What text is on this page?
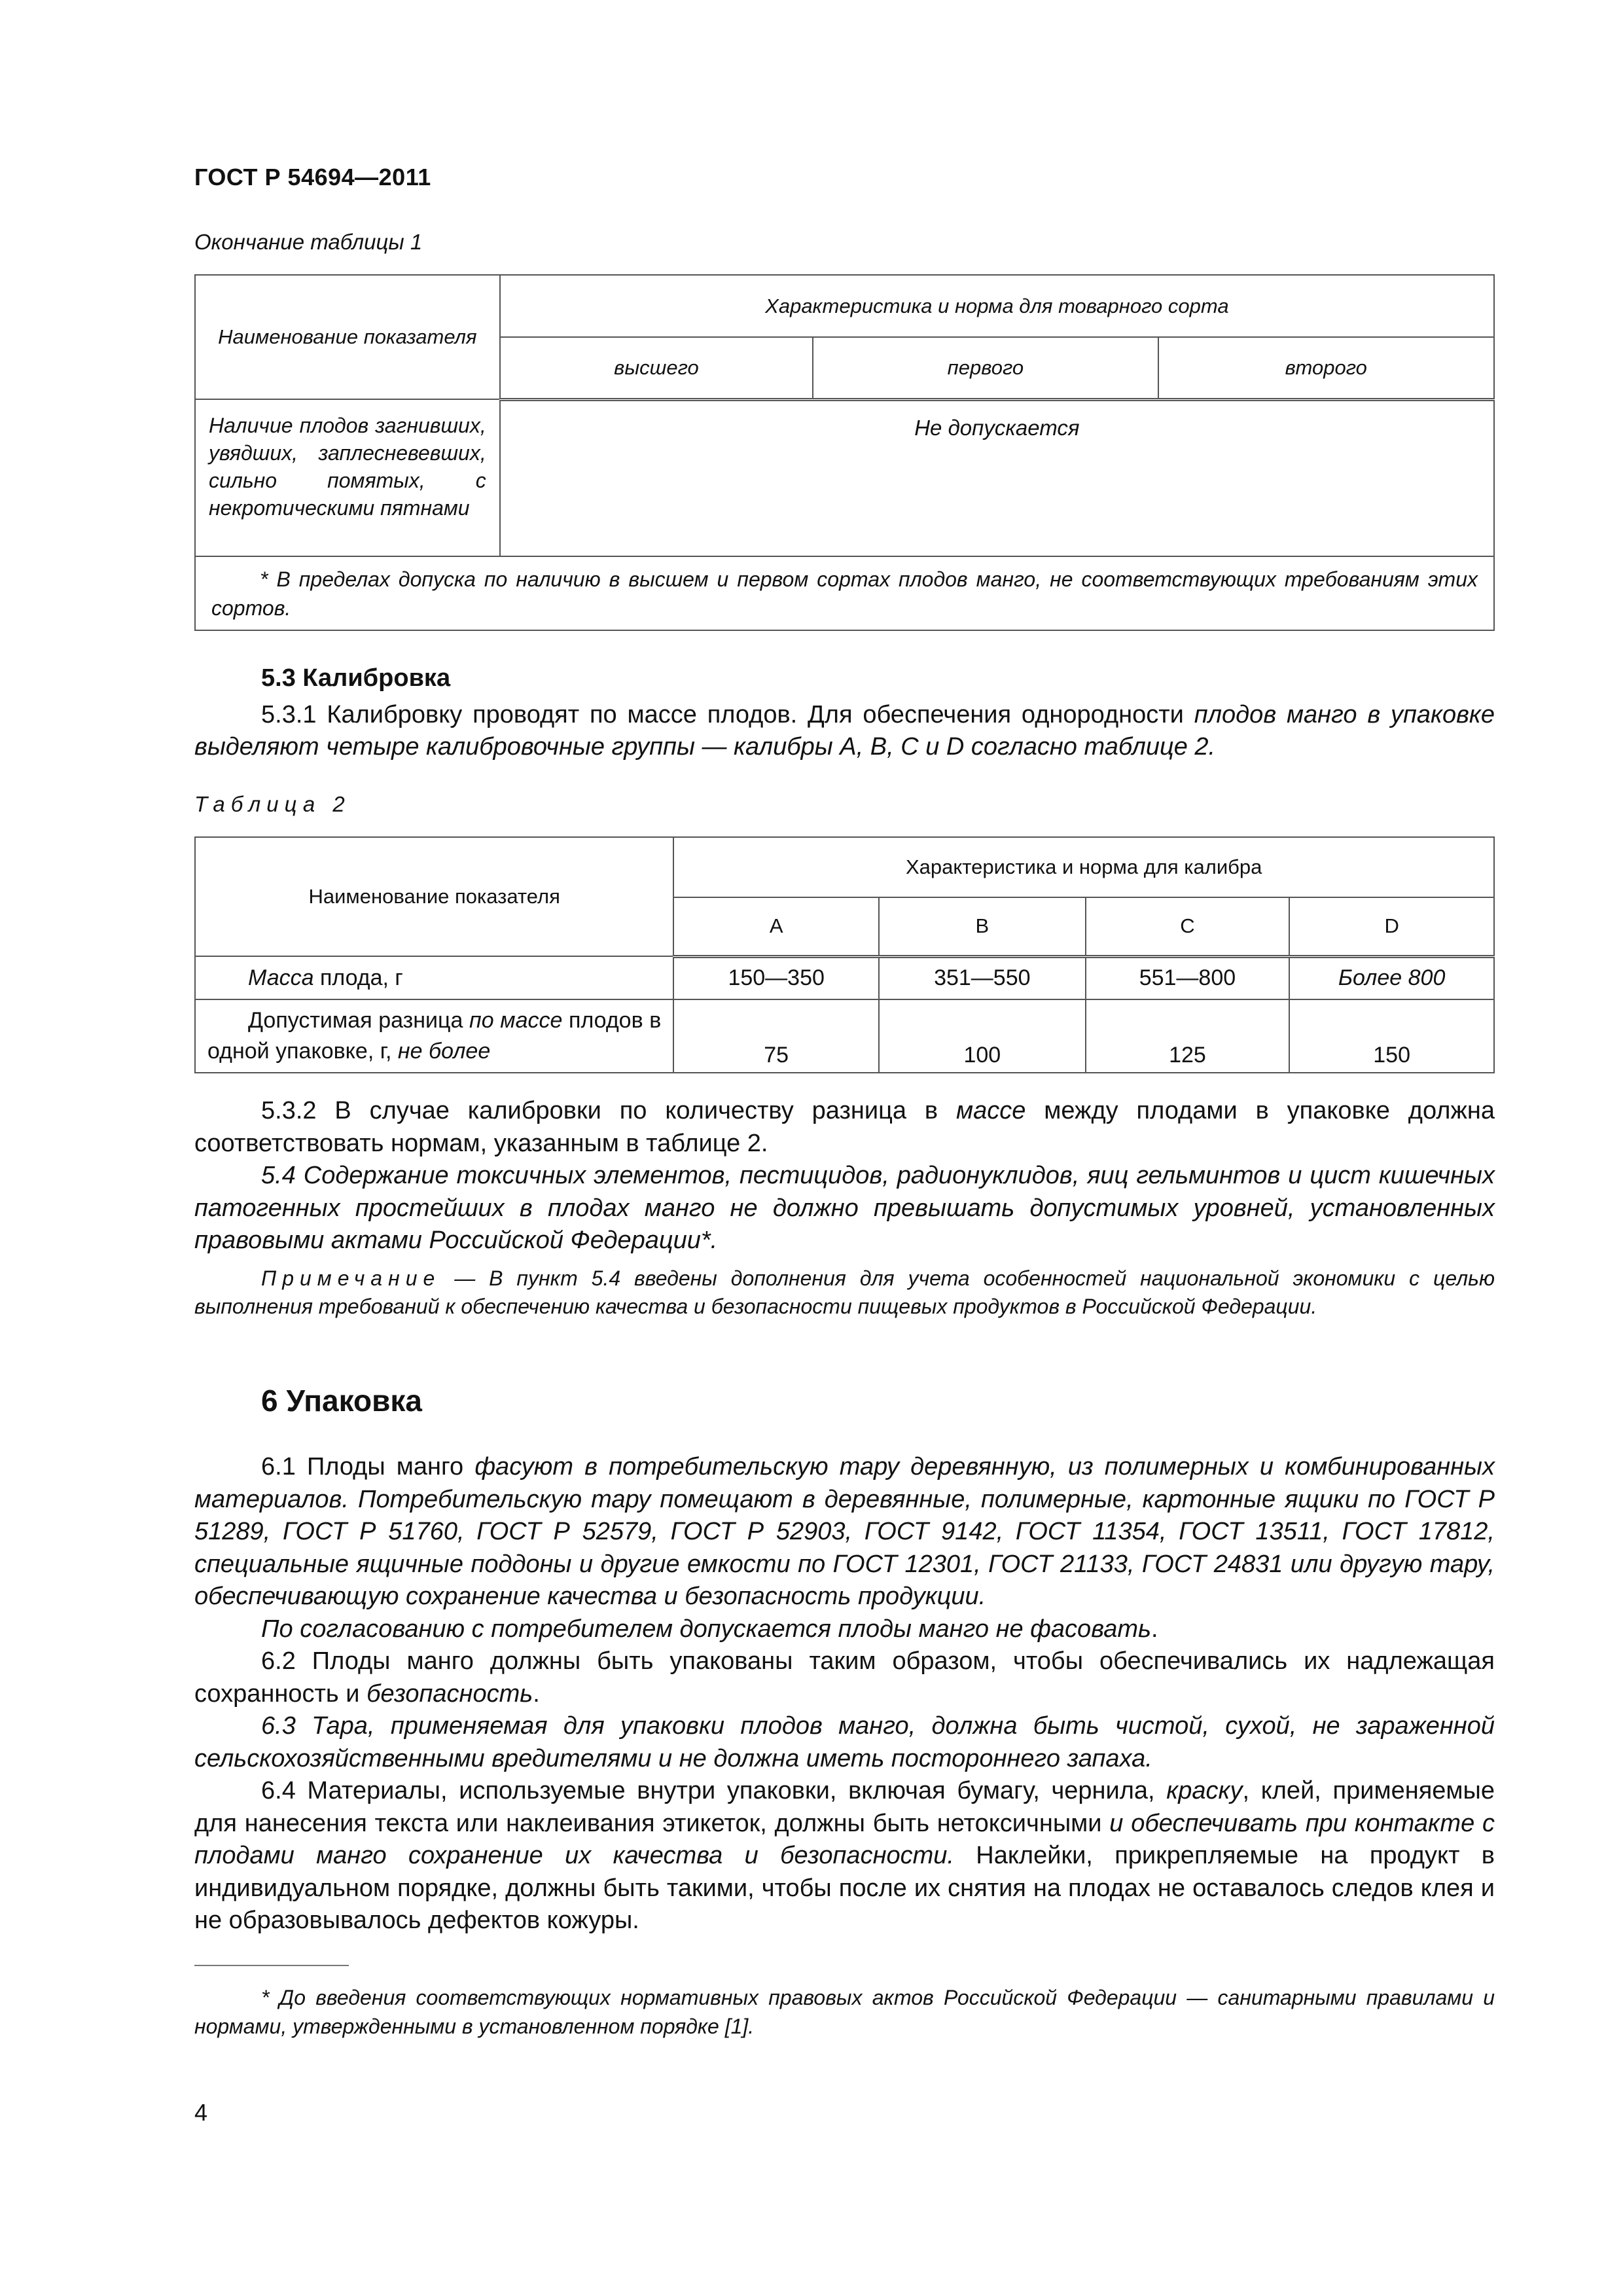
ГОСТ Р 54694—2011
Окончание таблицы 1
Наименование показателя	Характеристика и норма для товарного сорта		
	высшего	первого	второго

Наличие плодов загнивших, увядших, заплесневевших, сильно помятых, с некротическими пятнами	Не допускается		

* В пределах допуска по наличию в высшем и первом сортах плодов манго, не соответствующих требованиям этих сортов.			

5.3 Калибровка

5.3.1 Калибровку проводят по массе плодов. Для обеспечения однородности плодов манго в упаковке выделяют четыре калибровочные группы — калибры A, B, C и D согласно таблице 2.

Таблица 2
Наименование показателя	Характеристика и норма для калибра			
	A	B	C	D
Масса плода, г	150—350	351—550	551—800	Более 800

Допустимая разница по массе плодов в одной упаковке, г, не более	75	100	125	150

5.3.2 В случае калибровки по количеству разница в массе между плодами в упаковке должна соответствовать нормам, указанным в таблице 2.

5.4 Содержание токсичных элементов, пестицидов, радионуклидов, яиц гельминтов и цист кишечных патогенных простейших в плодах манго не должно превышать допустимых уровней, установленных правовыми актами Российской Федерации*.

Примечание — В пункт 5.4 введены дополнения для учета особенностей национальной экономики с целью выполнения требований к обеспечению качества и безопасности пищевых продуктов в Российской Федерации.

6 Упаковка

6.1 Плоды манго фасуют в потребительскую тару деревянную, из полимерных и комбинированных материалов. Потребительскую тару помещают в деревянные, полимерные, картонные ящики по ГОСТ Р 51289, ГОСТ Р 51760, ГОСТ Р 52579, ГОСТ Р 52903, ГОСТ 9142, ГОСТ 11354, ГОСТ 13511, ГОСТ 17812, специальные ящичные поддоны и другие емкости по ГОСТ 12301, ГОСТ 21133, ГОСТ 24831 или другую тару, обеспечивающую сохранение качества и безопасность продукции.

По согласованию с потребителем допускается плоды манго не фасовать.

6.2 Плоды манго должны быть упакованы таким образом, чтобы обеспечивались их надлежащая сохранность и безопасность.

6.3 Тара, применяемая для упаковки плодов манго, должна быть чистой, сухой, не зараженной сельскохозяйственными вредителями и не должна иметь постороннего запаха.

6.4 Материалы, используемые внутри упаковки, включая бумагу, чернила, краску, клей, применяемые для нанесения текста или наклеивания этикеток, должны быть нетоксичными и обеспечивать при контакте с плодами манго сохранение их качества и безопасности. Наклейки, прикрепляемые на продукт в индивидуальном порядке, должны быть такими, чтобы после их снятия на плодах не оставалось следов клея и не образовывалось дефектов кожуры.

* До введения соответствующих нормативных правовых актов Российской Федерации — санитарными правилами и нормами, утвержденными в установленном порядке [1].

4
